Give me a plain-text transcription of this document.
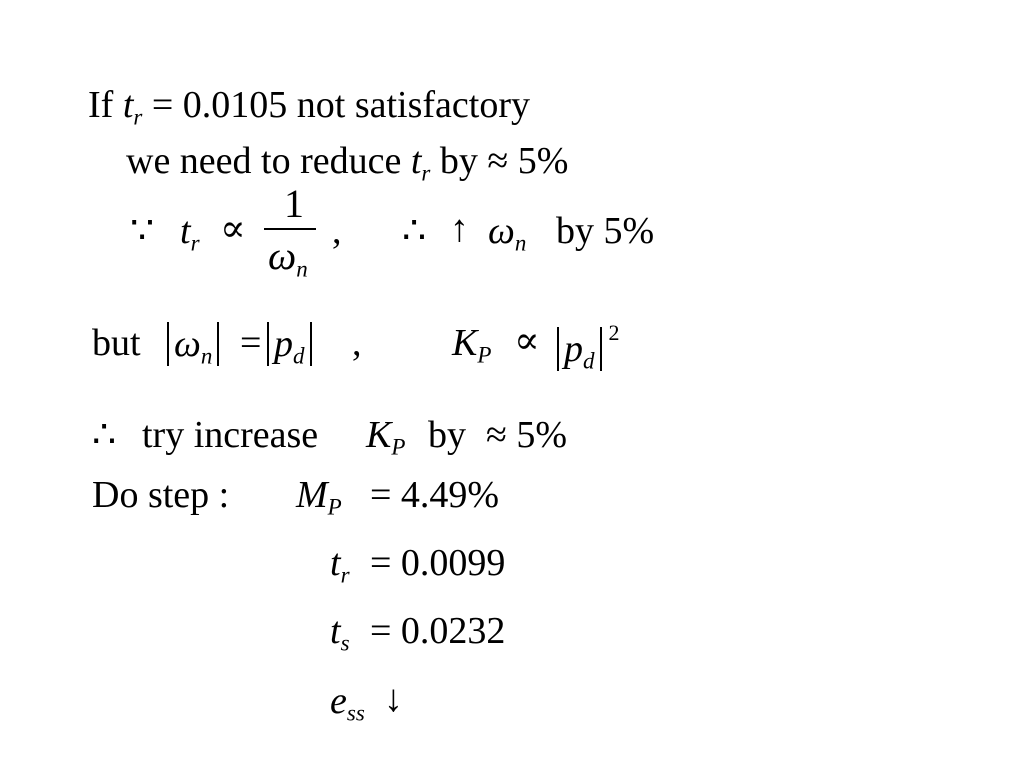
If $t_r = 0.0105$ not satisfactory
we need to reduce $t_r$ by ≈ 5%
∵ $t_r$ ∝
1
$\omega_n$
, ∴ ↑ $\omega_n$ by 5%
but $\omega_n = p_d$	, $K_P \propto p_d^2$
∴ try increase $K_P$ by ≈ 5%
Do step : $M_P = 4.49\%$
$t_r = 0.0099$
$t_s = 0.0232$
$e_{ss}$ ↓
